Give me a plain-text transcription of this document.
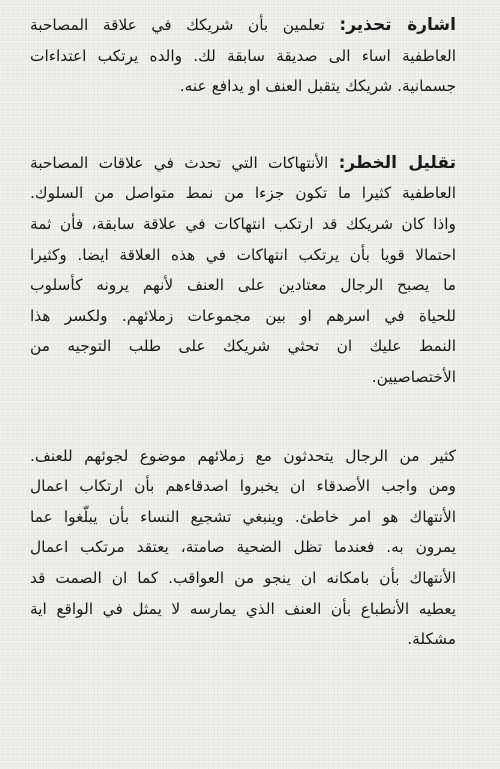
اشارة تحذير: تعلمين بأن شريكك في علاقة المصاحبة
العاطفية اساء الى صديقة سابقة لك. والده يرتكب اعتداءات
جسمانية. شريكك يتقبل العنف او يدافع عنه.
تقليل الخطر: الأنتهاكات التي تحدث في علاقات المصاحبة
العاطفية كثيرا ما تكون جزءا من نمط متواصل من السلوك.
واذا كان شريكك قد ارتكب انتهاكات في علاقة سابقة، فأن ثمة
احتمالا قويا بأن يرتكب انتهاكات في هذه العلاقة ايضا. وكثيرا
ما يصبح الرجال معتادين على العنف لأنهم يرونه كأسلوب
للحياة في اسرهم او بين مجموعات زملائهم. ولكسر هذا
النمط عليك ان تحثي شريكك على طلب التوجيه من
الأختصاصيين.
كثير من الرجال يتحدثون مع زملائهم موضوع لجوئهم للعنف.
ومن واجب الأصدقاء ان يخبروا اصدقاءهم بأن ارتكاب اعمال
الأنتهاك هو امر خاطئ. وينبغي تشجيع النساء بأن يبلّغوا عما
يمرون به. فعندما تظل الضحية صامتة، يعتقد مرتكب اعمال
الأنتهاك بأن بامكانه ان ينجو من العواقب. كما ان الصمت قد
يعطيه الأنطباع بأن العنف الذي يمارسه لا يمثل في الواقع اية
مشكلة.
